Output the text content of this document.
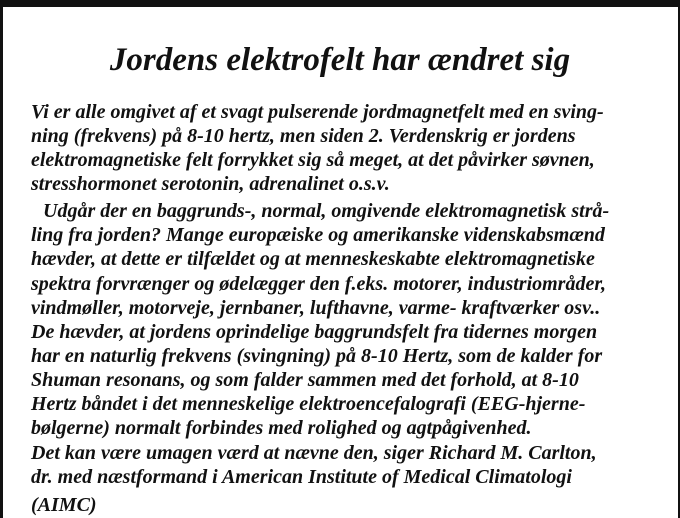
Jordens elektrofelt har ændret sig
Vi er alle omgivet af et svagt pulserende jordmagnetfelt med en sving-
ning (frekvens) på 8-10 hertz, men siden 2. Verdenskrig er jordens
elektromagnetiske felt forrykket sig så meget, at det påvirker søvnen,
stresshormonet serotonin, adrenalinet o.s.v.
Udgår der en baggrunds-, normal, omgivende elektromagnetisk strå-
ling fra jorden? Mange europæiske og amerikanske videnskabsmænd
hævder, at dette er tilfældet og at menneskeskabte elektromagnetiske
spektra forvrænger og ødelægger den f.eks. motorer, industriområder,
vindmøller, motorveje, jernbaner, lufthavne, varme- kraftværker osv..
De hævder, at jordens oprindelige baggrundsfelt fra tidernes morgen
har en naturlig frekvens (svingning) på 8-10 Hertz, som de kalder for
Shuman resonans, og som falder sammen med det forhold, at 8-10
Hertz båndet i det menneskelige elektroencefalografi (EEG-hjerne-
bølgerne) normalt forbindes med rolighed og agtpågivenhed.
Det kan være umagen værd at nævne den, siger Richard M. Carlton,
dr. med næstformand i American Institute of Medical Climatologi
(AIMC)
